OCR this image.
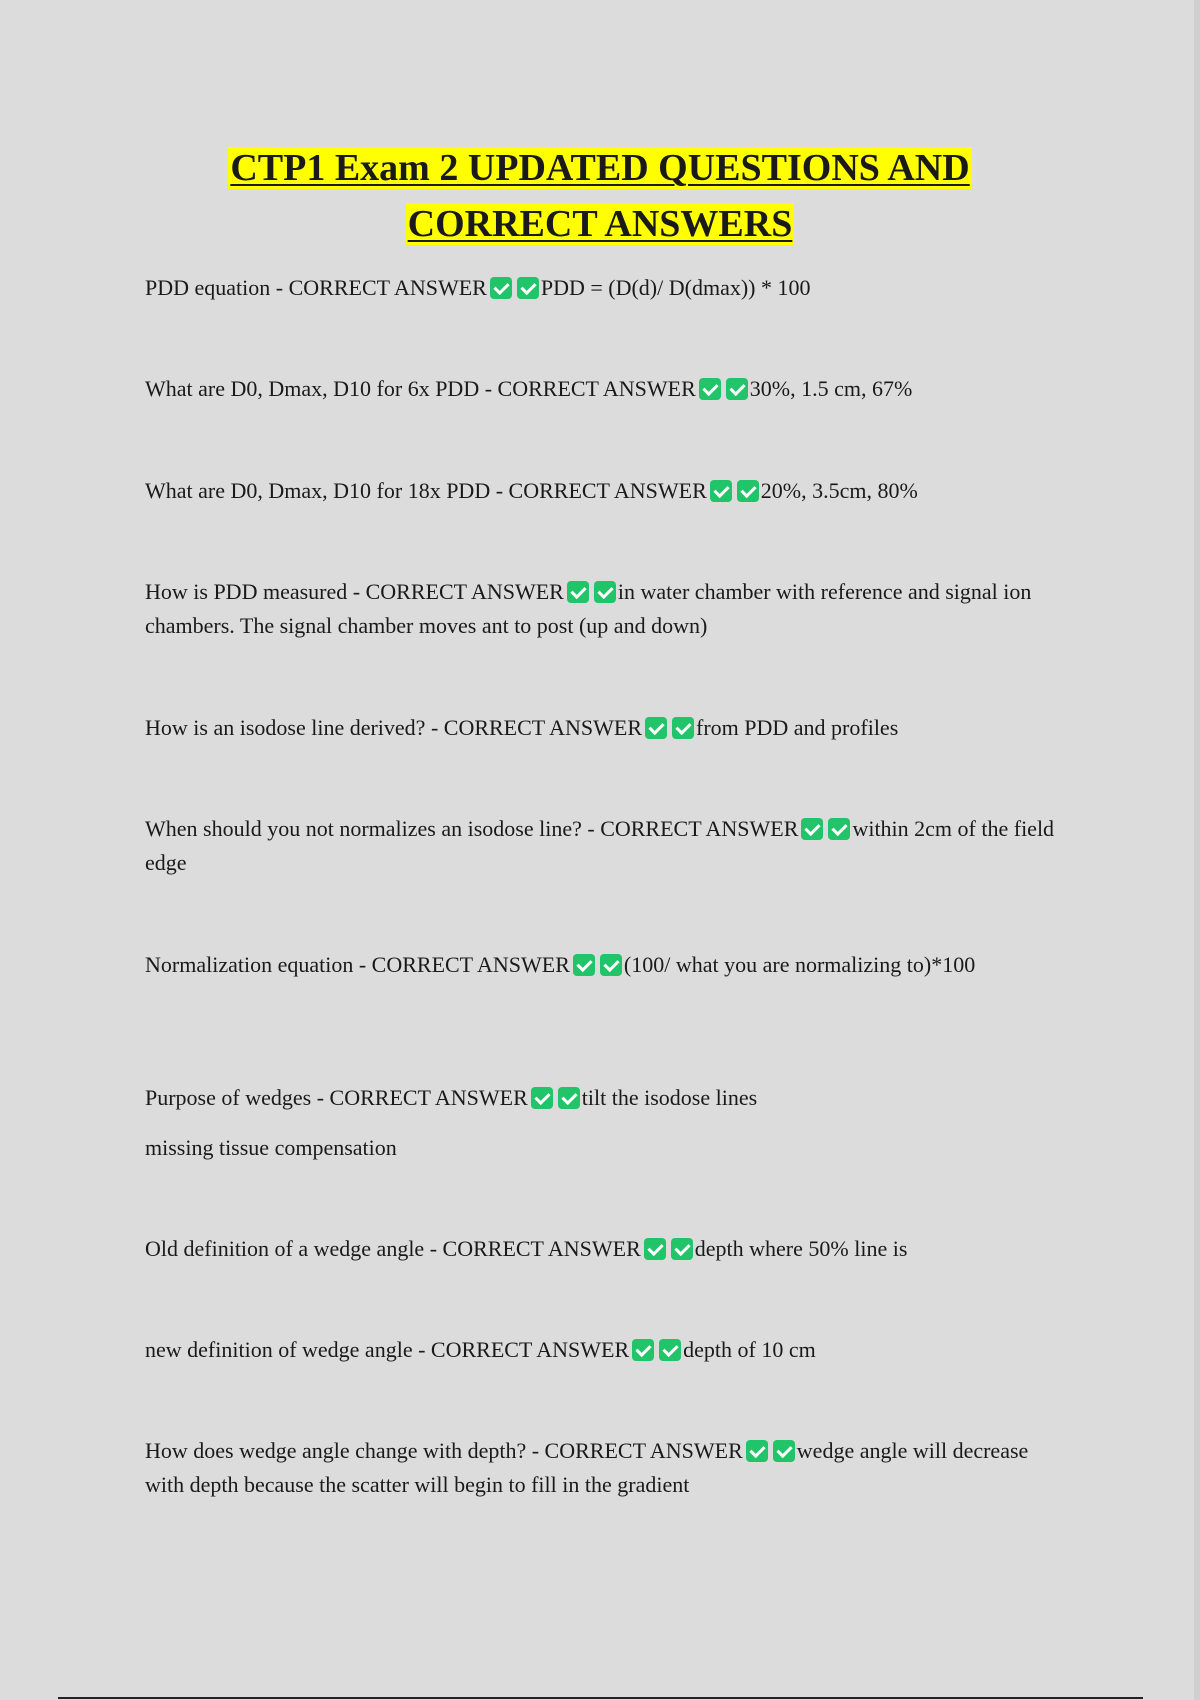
CTP1 Exam 2 UPDATED QUESTIONS AND
CORRECT ANSWERS
PDD equation - CORRECT ANSWER PDD = (D(d)/ D(dmax)) * 100
What are D0, Dmax, D10 for 6x PDD - CORRECT ANSWER 30%, 1.5 cm, 67%
What are D0, Dmax, D10 for 18x PDD - CORRECT ANSWER 20%, 3.5cm, 80%
How is PDD measured - CORRECT ANSWER in water chamber with reference and signal ion chambers. The signal chamber moves ant to post (up and down)
How is an isodose line derived? - CORRECT ANSWER from PDD and profiles
When should you not normalizes an isodose line? - CORRECT ANSWER within 2cm of the field edge
Normalization equation - CORRECT ANSWER (100/ what you are normalizing to)*100
Purpose of wedges - CORRECT ANSWER tilt the isodose lines
missing tissue compensation
Old definition of a wedge angle - CORRECT ANSWER depth where 50% line is
new definition of wedge angle - CORRECT ANSWER depth of 10 cm
How does wedge angle change with depth? - CORRECT ANSWER wedge angle will decrease with depth because the scatter will begin to fill in the gradient
